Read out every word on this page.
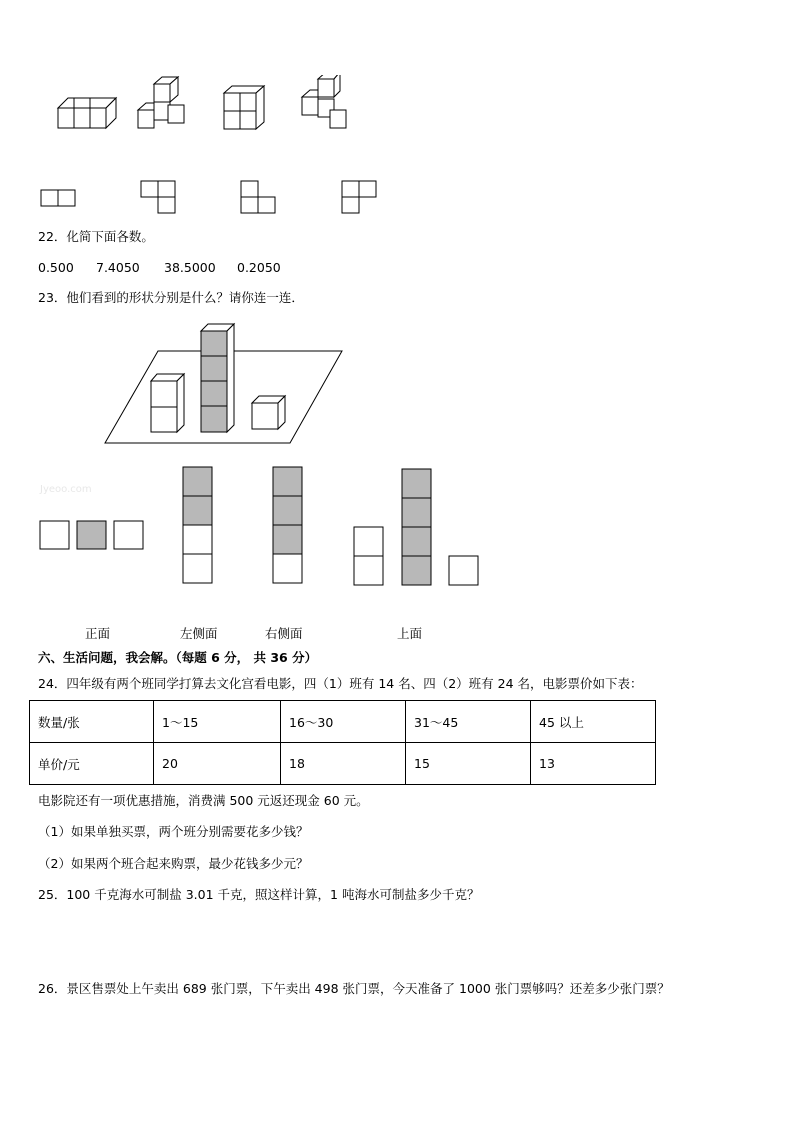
22．化简下面各数。
0.500 7.4050 38.5000 0.2050
23．他们看到的形状分别是什么？请你连一连．
Jyeoo.com
正面	左侧面	右侧面	上面
六、生活问题，我会解。（每题 6 分， 共 36 分）
24．四年级有两个班同学打算去文化宫看电影，四（1）班有 14 名、四（2）班有 24 名，电影票价如下表：
数量/张	1～15	16～30	31～45	45 以上
单价/元	20	18	15	13
电影院还有一项优惠措施，消费满 500 元返还现金 60 元。
（1）如果单独买票，两个班分别需要花多少钱？
（2）如果两个班合起来购票，最少花钱多少元？
25．100 千克海水可制盐 3.01 千克，照这样计算，1 吨海水可制盐多少千克？
26．景区售票处上午卖出 689 张门票，下午卖出 498 张门票，今天准备了 1000 张门票够吗？还差多少张门票？
